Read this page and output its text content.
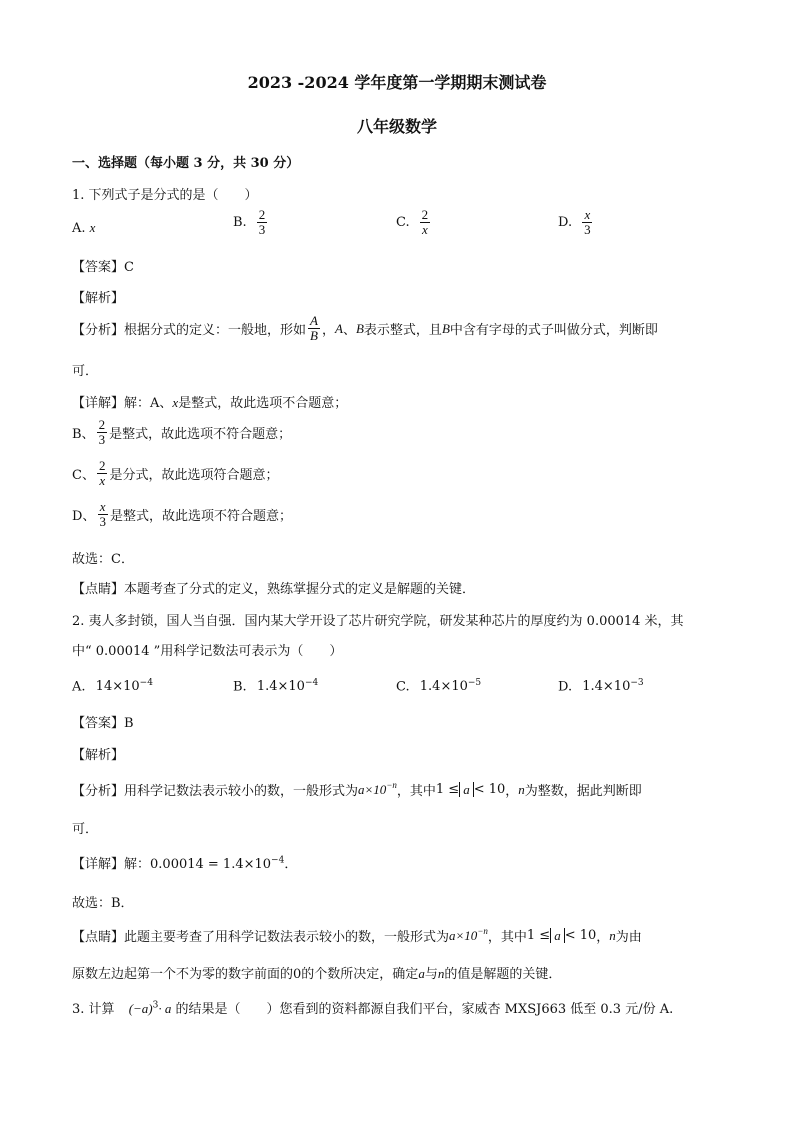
2023 -2024 学年度第一学期期末测试卷
八年级数学
一、选择题（每小题 3 分，共 30 分）
1. 下列式子是分式的是（　　）
A. x	B. $\frac{2}{3}$	C. $\frac{2}{x}$	D. $\frac{x}{3}$
【答案】C
【解析】
【分析】 根据分式的定义：一般地，形如 $\frac{A}{B}$ ， A 、 B 表示整式，且 B 中含有字母的式子叫做分式，判断即
可．
【详解】解：A、x是整式，故此选项不合题意；
B、 $\frac{2}{3}$ 是整式，故此选项不符合题意；
C、 $\frac{2}{x}$ 是分式，故此选项符合题意；
D、 $\frac{x}{3}$ 是整式，故此选项不符合题意；
故选：C．
【点睛】本题考查了分式的定义，熟练掌握分式的定义是解题的关键．
2. 夷人多封锁，国人当自强．国内某大学开设了芯片研究学院，研发某种芯片的厚度约为 0.00014 米，其
中“ 0.00014 ”用科学记数法可表示为（　　）
A. $14\times 10^{-4}$	B. $1.4\times 10^{-4}$	C. $1.4\times 10^{-5}$	D. $1.4\times 10^{-3}$
【答案】B
【解析】
【分析】 用科学记数法表示较小的数，一般形式为 $a\times 10^{-n}$ ，其中 1 ≤ a < 10 ， n 为整数，据此判断即
可．
【详解】解：$0.00014 = 1.4\times 10^{-4}$．
故选：B．
【点睛】 此题主要考查了用科学记数法表示较小的数，一般形式为 $a\times 10^{-n}$ ，其中 1 ≤ a < 10 ， n 为由
原数左边起第一个不为零的数字前面的0的个数所决定，确定a与n的值是解题的关键．
3. 计算 $(-a)^3\cdot a$ 的结果是（　　）您看到的资料都源自我们平台，家威杏 MXSJ663 低至 0.3 元/份 A.
